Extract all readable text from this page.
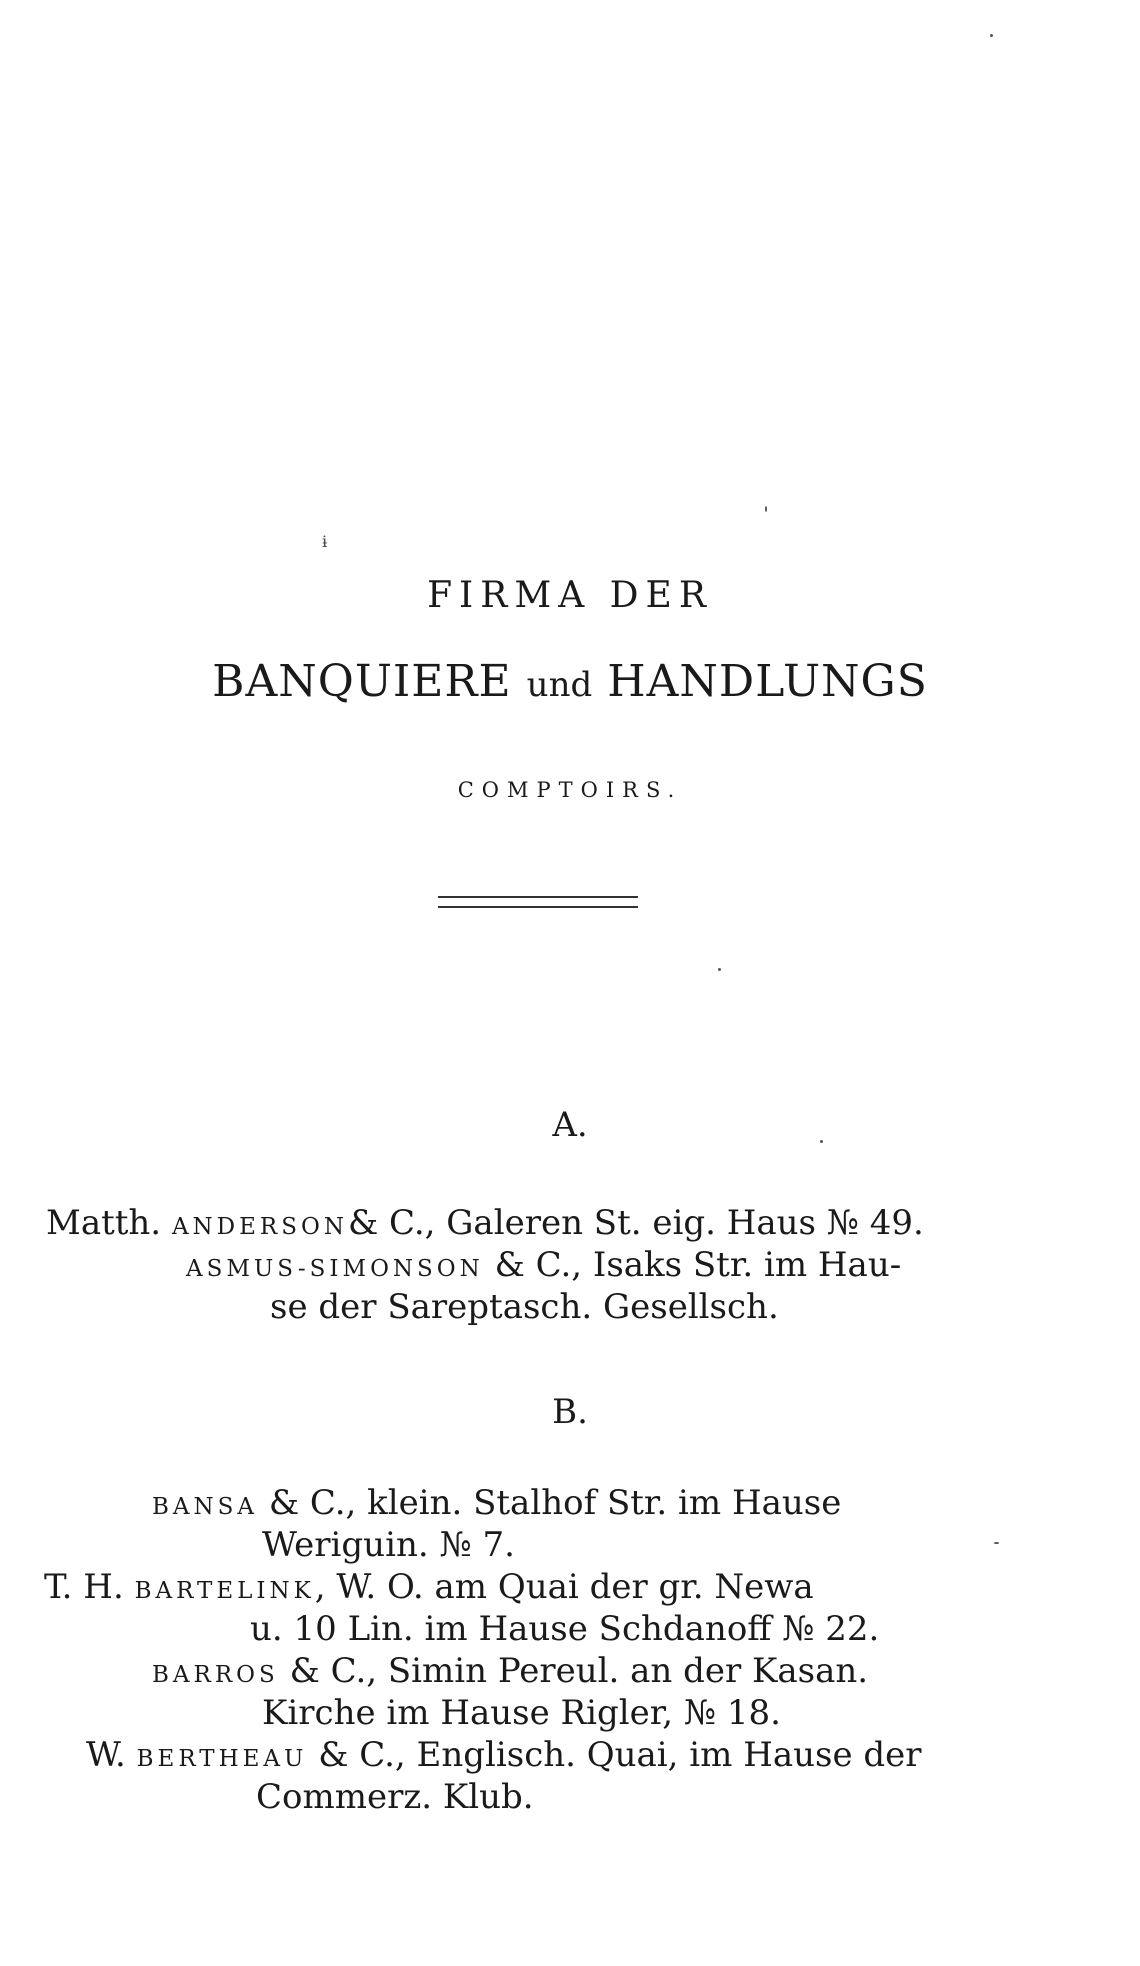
ɨ
FIRMA DER
BANQUIERE und HANDLUNGS
COMPTOIRS.
A.
Matth. ANDERSON& C., Galeren St. eig. Haus № 49.
ASMUS-SIMONSON & C., Isaks Str. im Hau-
se der Sareptasch. Gesellsch.
B.
BANSA & C., klein. Stalhof Str. im Hause
Weriguin. № 7.
T. H. BARTELINK, W. O. am Quai der gr. Newa
u. 10 Lin. im Hause Schdanoff № 22.
BARROS & C., Simin Pereul. an der Kasan.
Kirche im Hause Rigler, № 18.
W. BERTHEAU & C., Englisch. Quai, im Hause der
Commerz. Klub.
